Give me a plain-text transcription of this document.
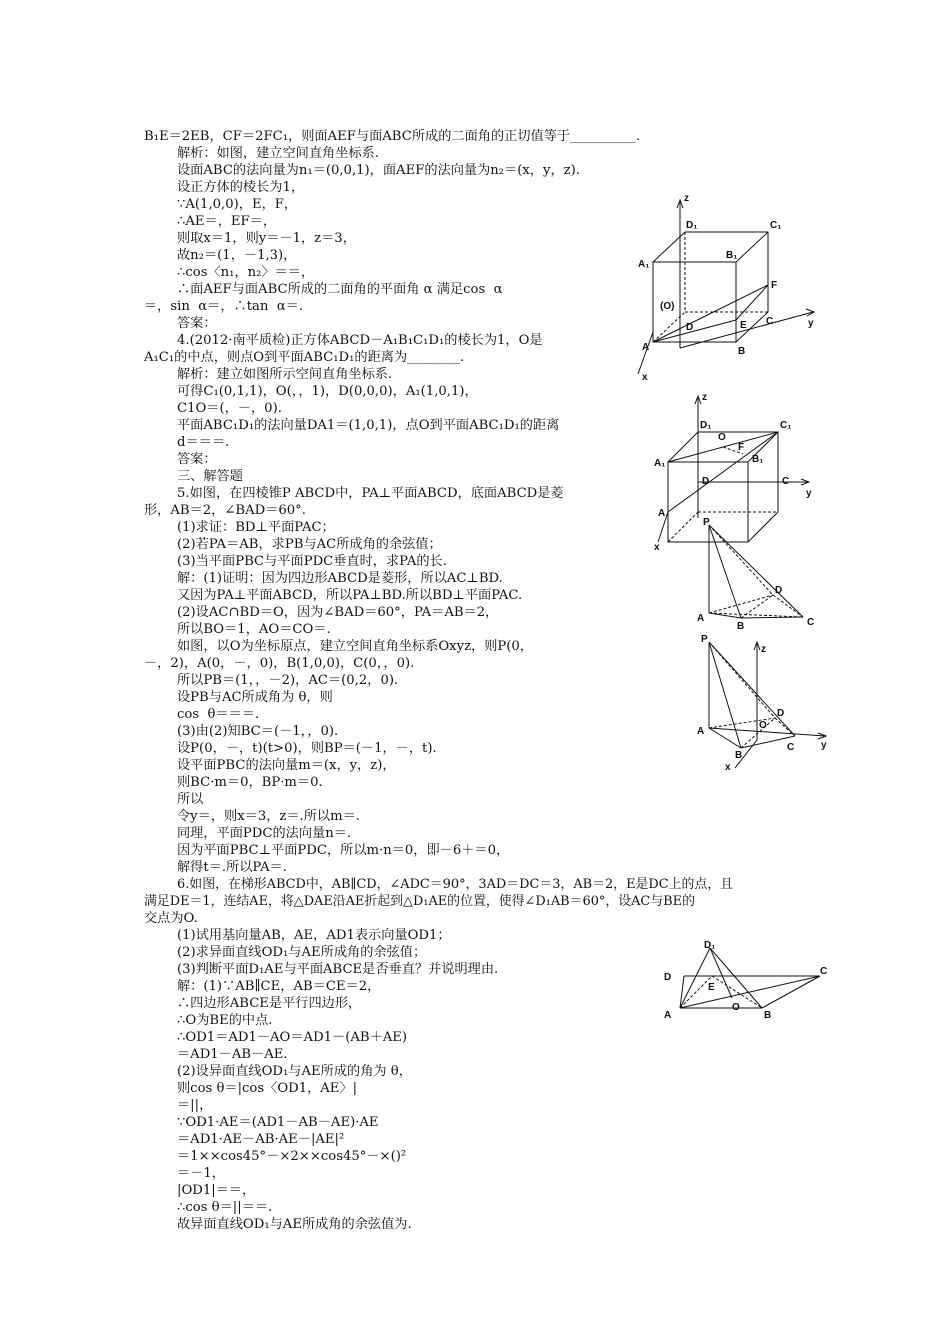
B₁E＝2EB，CF＝2FC₁，则面AEF与面ABC所成的二面角的正切值等于__________.
解析：如图，建立空间直角坐标系.
设面ABC的法向量为n₁＝(0,0,1)，面AEF的法向量为n₂＝(x，y，z).
设正方体的棱长为1，
∵A(1,0,0)，E，F，
∴AE＝，EF＝，
则取x＝1，则y＝－1，z＝3，
故n₂＝(1，－1,3)，
∴cos〈n₁，n₂〉＝＝，
∴面AEF与面ABC所成的二面角的平面角 α 满足cos  α
＝，sin  α＝，∴tan  α＝.
答案：
4.(2012·南平质检)正方体ABCD－A₁B₁C₁D₁的棱长为1，O是
A₁C₁的中点，则点O到平面ABC₁D₁的距离为________.
解析：建立如图所示空间直角坐标系.
可得C₁(0,1,1)，O(，，1)，D(0,0,0)，A₁(1,0,1)，
C1O＝(，－，0).
平面ABC₁D₁的法向量DA1＝(1,0,1)，点O到平面ABC₁D₁的距离
d＝＝＝.
答案：
三、解答题
5.如图，在四棱锥P ABCD中，PA⊥平面ABCD，底面ABCD是菱
形，AB＝2，∠BAD＝60°.
(1)求证：BD⊥平面PAC；
(2)若PA＝AB，求PB与AC所成角的余弦值；
(3)当平面PBC与平面PDC垂直时，求PA的长.
解：(1)证明：因为四边形ABCD是菱形，所以AC⊥BD.
又因为PA⊥平面ABCD，所以PA⊥BD.所以BD⊥平面PAC.
(2)设AC∩BD＝O，因为∠BAD＝60°，PA＝AB＝2，
所以BO＝1，AO＝CO＝.
如图，以O为坐标原点，建立空间直角坐标系Oxyz，则P(0，
－，2)，A(0，－，0)，B(1,0,0)，C(0，，0).
所以PB＝(1，，－2)，AC＝(0,2，0).
设PB与AC所成角为 θ，则
cos  θ＝＝＝.
(3)由(2)知BC＝(－1，，0).
设P(0，－，t)(t>0)，则BP＝(－1，－，t).
设平面PBC的法向量m＝(x，y，z)，
则BC·m＝0，BP·m＝0.
所以
令y＝，则x＝3，z＝.所以m＝.
同理，平面PDC的法向量n＝.
因为平面PBC⊥平面PDC，所以m·n＝0，即－6＋＝0，
解得t＝.所以PA＝.
6.如图，在梯形ABCD中，AB∥CD，∠ADC＝90°，3AD＝DC＝3，AB＝2，E是DC上的点，且
满足DE＝1，连结AE，将△DAE沿AE折起到△D₁AE的位置，使得∠D₁AB＝60°，设AC与BE的
交点为O.
(1)试用基向量AB，AE，AD1表示向量OD1；
(2)求异面直线OD₁与AE所成角的余弦值；
(3)判断平面D₁AE与平面ABCE是否垂直？并说明理由.
解：(1)∵AB∥CE，AB＝CE＝2，
∴四边形ABCE是平行四边形，
∴O为BE的中点.
∴OD1＝AD1－AO＝AD1－(AB＋AE)
＝AD1－AB－AE.
(2)设异面直线OD₁与AE所成的角为 θ，
则cos θ＝|cos〈OD1，AE〉|
＝||，
∵OD1·AE＝(AD1－AB－AE)·AE
＝AD1·AE－AB·AE－|AE|²
＝1××cos45°－×2××cos45°－×()²
＝－1，
|OD1|＝＝，
∴cos θ＝||＝＝.
故异面直线OD₁与AE所成角的余弦值为.
z
D₁	C₁
A₁
B₁
F
(O)
D	E C	y
A	B
x
z
D₁
O
F
C₁
A₁	B₁
D	C
y
A
x
P
D
A
B	C
P
z
D
O
A
B
C	y
x
D₁
D
E
C
O
A	B
